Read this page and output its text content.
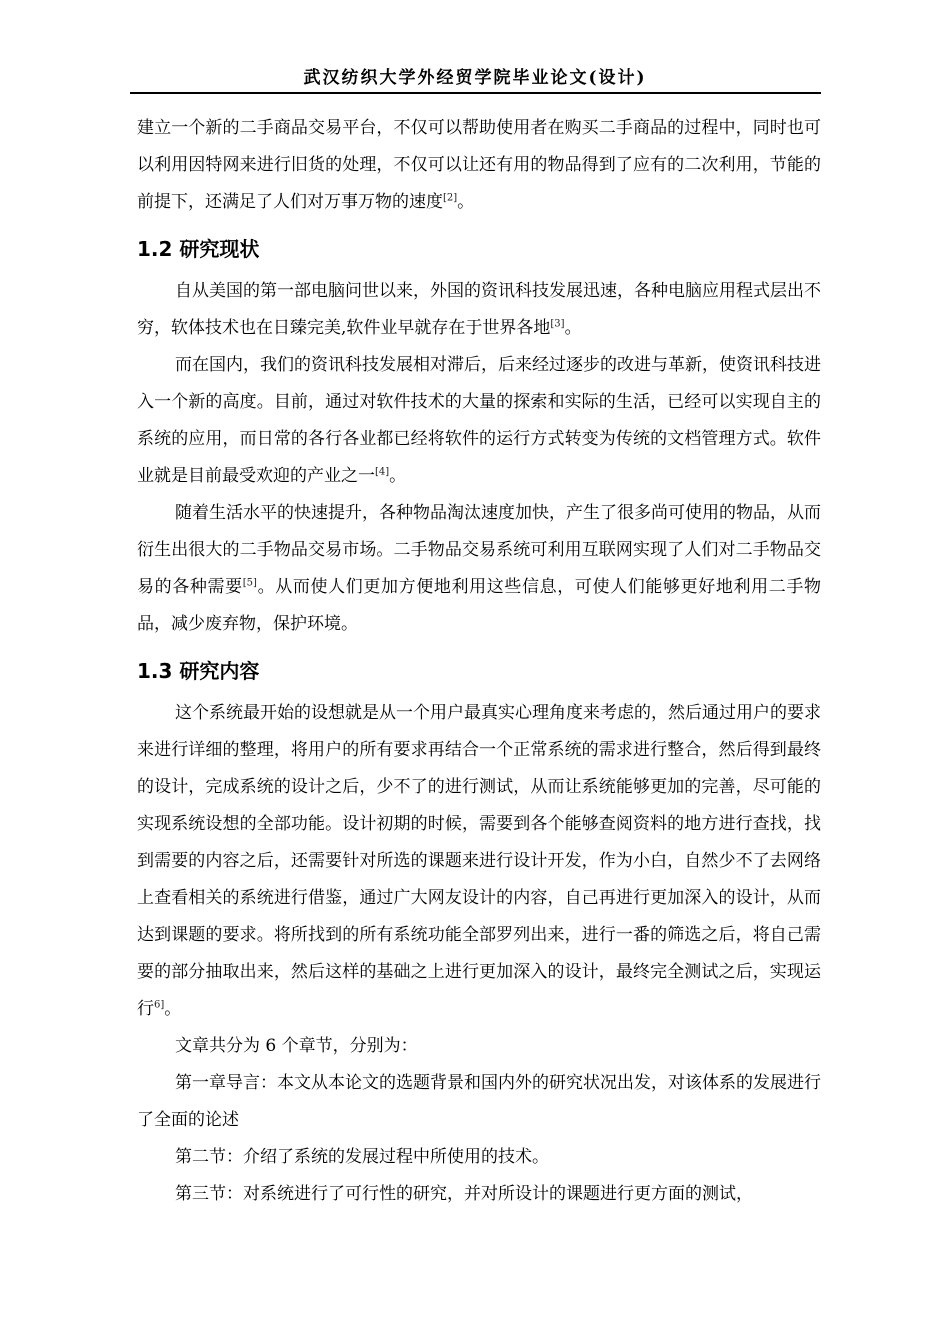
武汉纺织大学外经贸学院毕业论文(设计)

建立一个新的二手商品交易平台，不仅可以帮助使用者在购买二手商品的过程中，同时也可以利用因特网来进行旧货的处理，不仅可以让还有用的物品得到了应有的二次利用，节能的前提下，还满足了人们对万事万物的速度[2]。

1.2 研究现状

自从美国的第一部电脑问世以来，外国的资讯科技发展迅速，各种电脑应用程式层出不穷，软体技术也在日臻完美,软件业早就存在于世界各地[3]。

而在国内，我们的资讯科技发展相对滞后，后来经过逐步的改进与革新，使资讯科技进入一个新的高度。目前，通过对软件技术的大量的探索和实际的生活，已经可以实现自主的系统的应用，而日常的各行各业都已经将软件的运行方式转变为传统的文档管理方式。软件业就是目前最受欢迎的产业之一[4]。

随着生活水平的快速提升，各种物品淘汰速度加快，产生了很多尚可使用的物品，从而衍生出很大的二手物品交易市场。二手物品交易系统可利用互联网实现了人们对二手物品交易的各种需要[5]。从而使人们更加方便地利用这些信息，可使人们能够更好地利用二手物品，减少废弃物，保护环境。

1.3 研究内容

这个系统最开始的设想就是从一个用户最真实心理角度来考虑的，然后通过用户的要求来进行详细的整理，将用户的所有要求再结合一个正常系统的需求进行整合，然后得到最终的设计，完成系统的设计之后，少不了的进行测试，从而让系统能够更加的完善，尽可能的实现系统设想的全部功能。设计初期的时候，需要到各个能够查阅资料的地方进行查找，找到需要的内容之后，还需要针对所选的课题来进行设计开发，作为小白，自然少不了去网络上查看相关的系统进行借鉴，通过广大网友设计的内容，自己再进行更加深入的设计，从而达到课题的要求。将所找到的所有系统功能全部罗列出来，进行一番的筛选之后，将自己需要的部分抽取出来，然后这样的基础之上进行更加深入的设计，最终完全测试之后，实现运行$^{6]}$。

文章共分为 6 个章节，分别为：

第一章导言：本文从本论文的选题背景和国内外的研究状况出发，对该体系的发展进行了全面的论述

第二节：介绍了系统的发展过程中所使用的技术。

第三节：对系统进行了可行性的研究，并对所设计的课题进行更方面的测试，
